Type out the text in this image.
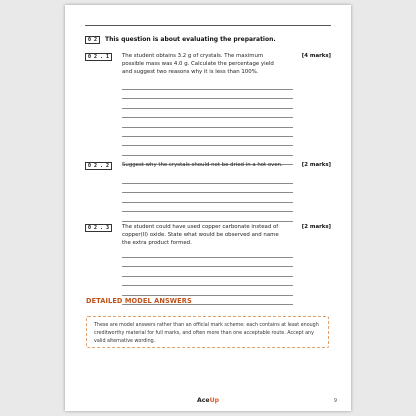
0 2	This question is about evaluating the preparation.
0 2 . 1	The student obtains 3.2 g of crystals. The maximum possible mass was 4.0 g. Calculate the percentage yield and suggest two reasons why it is less than 100%.
[4 marks]
0 2 . 2	Suggest why the crystals should not be dried in a hot oven.	[2 marks]
0 2 . 3	The student could have used copper carbonate instead of copper(II) oxide. State what would be observed and name the extra product formed.
[2 marks]
DETAILED MODEL ANSWERS
These are model answers rather than an official mark scheme: each contains at least enough creditworthy material for full marks, and often more than one acceptable route. Accept any valid alternative wording.
AceUp	9
